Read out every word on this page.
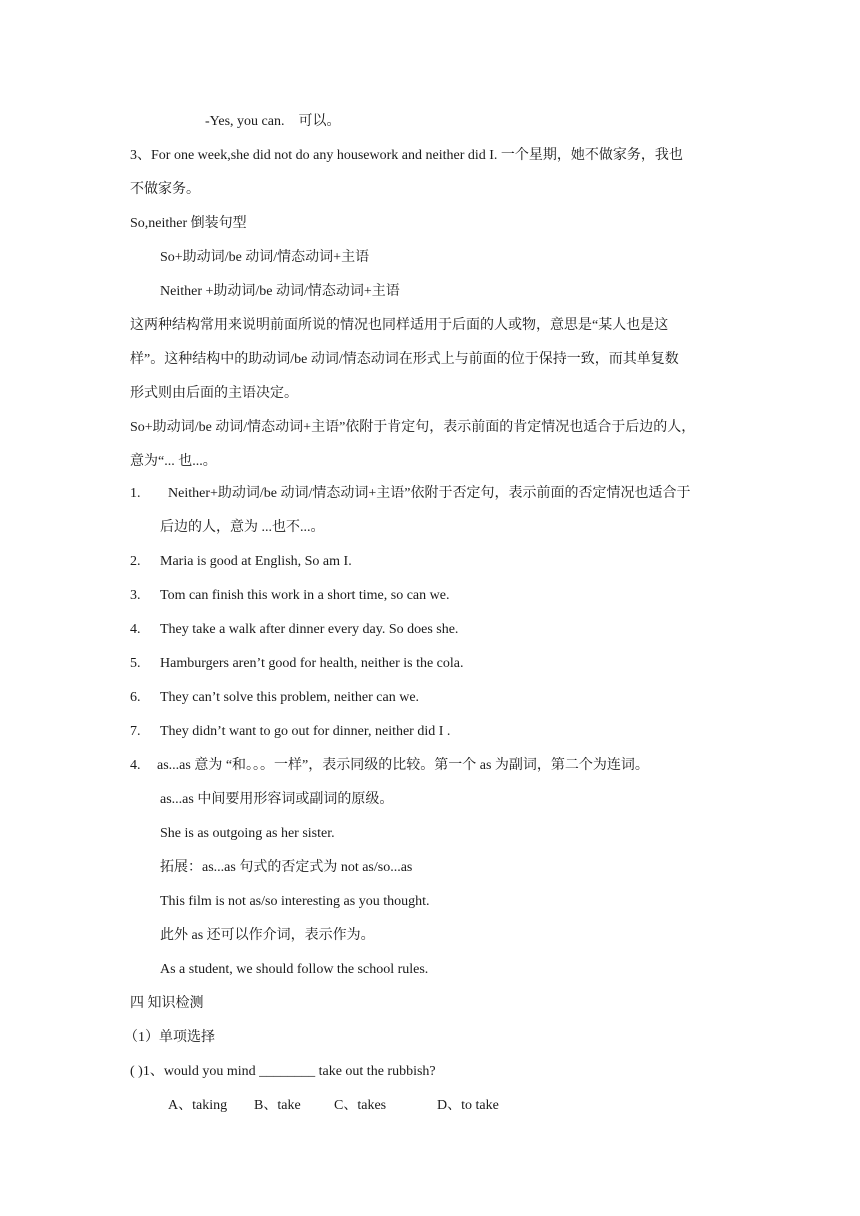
-Yes, you can.　可以。
3、For one week,she did not do any housework and neither did I. 一个星期，她不做家务，我也
不做家务。
So,neither 倒装句型
So+助动词/be 动词/情态动词+主语
Neither +助动词/be 动词/情态动词+主语
这两种结构常用来说明前面所说的情况也同样适用于后面的人或物，意思是“某人也是这
样”。这种结构中的助动词/be 动词/情态动词在形式上与前面的位于保持一致，而其单复数
形式则由后面的主语决定。
So+助动词/be 动词/情态动词+主语”依附于肯定句，表示前面的肯定情况也适合于后边的人，
意为“... 也...。
1. Neither+助动词/be 动词/情态动词+主语”依附于否定句，表示前面的否定情况也适合于
后边的人，意为 ...也不...。
2. Maria is good at English, So am I.
3. Tom can finish this work in a short time, so can we.
4. They take a walk after dinner every day. So does she.
5. Hamburgers aren’t good for health, neither is the cola.
6. They can’t solve this problem, neither can we.
7. They didn’t want to go out for dinner, neither did I .
4. as...as 意为 “和。。。一样”，表示同级的比较。第一个 as 为副词，第二个为连词。
as...as 中间要用形容词或副词的原级。
She is as outgoing as her sister.
拓展：as...as 句式的否定式为 not as/so...as
This film is not as/so interesting as you thought.
此外 as 还可以作介词，表示作为。
As a student, we should follow the school rules.
四 知识检测
（1）单项选择
( )1、would you mind ________ take out the rubbish?
A、taking B、take C、takes	D、to take
